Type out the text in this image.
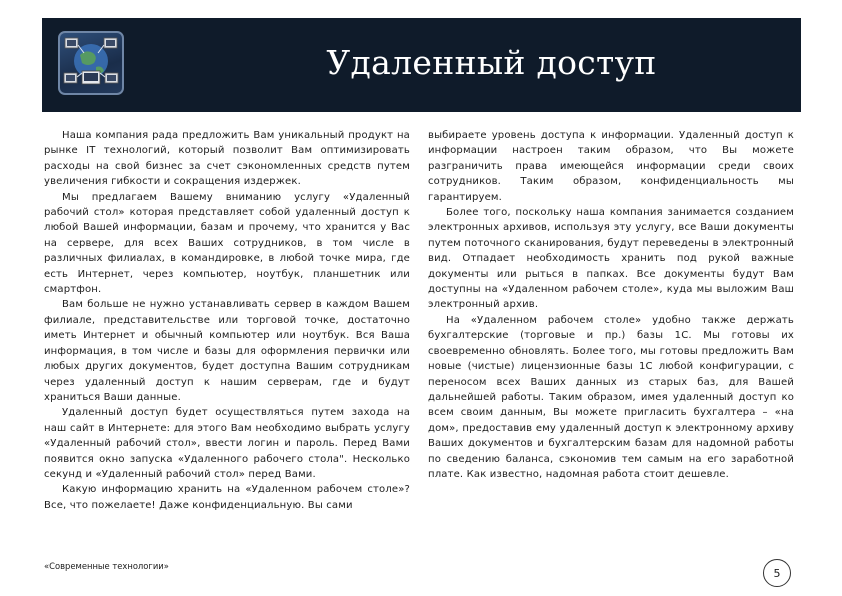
Удаленный доступ

Наша компания рада предложить Вам уникальный продукт на рынке IT технологий, который позволит Вам оптимизировать расходы на свой бизнес за счет сэкономленных средств путем увеличения гибкости и сокращения издержек.

Мы предлагаем Вашему вниманию услугу «Удаленный рабочий стол» которая представляет собой удаленный доступ к любой Вашей информации, базам и прочему, что хранится у Вас на сервере, для всех Ваших сотрудников, в том числе в различных филиалах, в командировке, в любой точке мира, где есть Интернет, через компьютер, ноутбук, планшетник или смартфон.

Вам больше не нужно устанавливать сервер в каждом Вашем филиале, представительстве или торговой точке, достаточно иметь Интернет и обычный компьютер или ноутбук. Вся Ваша информация, в том числе и базы для оформления первички или любых других документов, будет доступна Вашим сотрудникам через удаленный доступ к нашим серверам, где и будут храниться Ваши данные.

Удаленный доступ будет осуществляться путем захода на наш сайт в Интернете: для этого Вам необходимо выбрать услугу «Удаленный рабочий стол», ввести логин и пароль. Перед Вами появится окно запуска «Удаленного рабочего стола". Несколько секунд и «Удаленный рабочий стол» перед Вами.

Какую информацию хранить на «Удаленном рабочем столе»? Все, что пожелаете! Даже конфиденциальную. Вы сами

выбираете уровень доступа к информации. Удаленный доступ к информации настроен таким образом, что Вы можете разграничить права имеющейся информации среди своих сотрудников. Таким образом, конфиденциальность мы гарантируем.

Более того, поскольку наша компания занимается созданием электронных архивов, используя эту услугу, все Ваши документы путем поточного сканирования, будут переведены в электронный вид. Отпадает необходимость хранить под рукой важные документы или рыться в папках. Все документы будут Вам доступны на «Удаленном рабочем столе», куда мы выложим Ваш электронный архив.

На «Удаленном рабочем столе» удобно также держать бухгалтерские (торговые и пр.) базы 1С. Мы готовы их своевременно обновлять. Более того, мы готовы предложить Вам новые (чистые) лицензионные базы 1С любой конфигурации, с переносом всех Ваших данных из старых баз, для Вашей дальнейшей работы. Таким образом, имея удаленный доступ ко всем своим данным, Вы можете пригласить бухгалтера – «на дом», предоставив ему удаленный доступ к электронному архиву Ваших документов и бухгалтерским базам для надомной работы по сведению баланса, сэкономив тем самым на его заработной плате. Как известно, надомная работа стоит дешевле.

«Современные технологии»
5
